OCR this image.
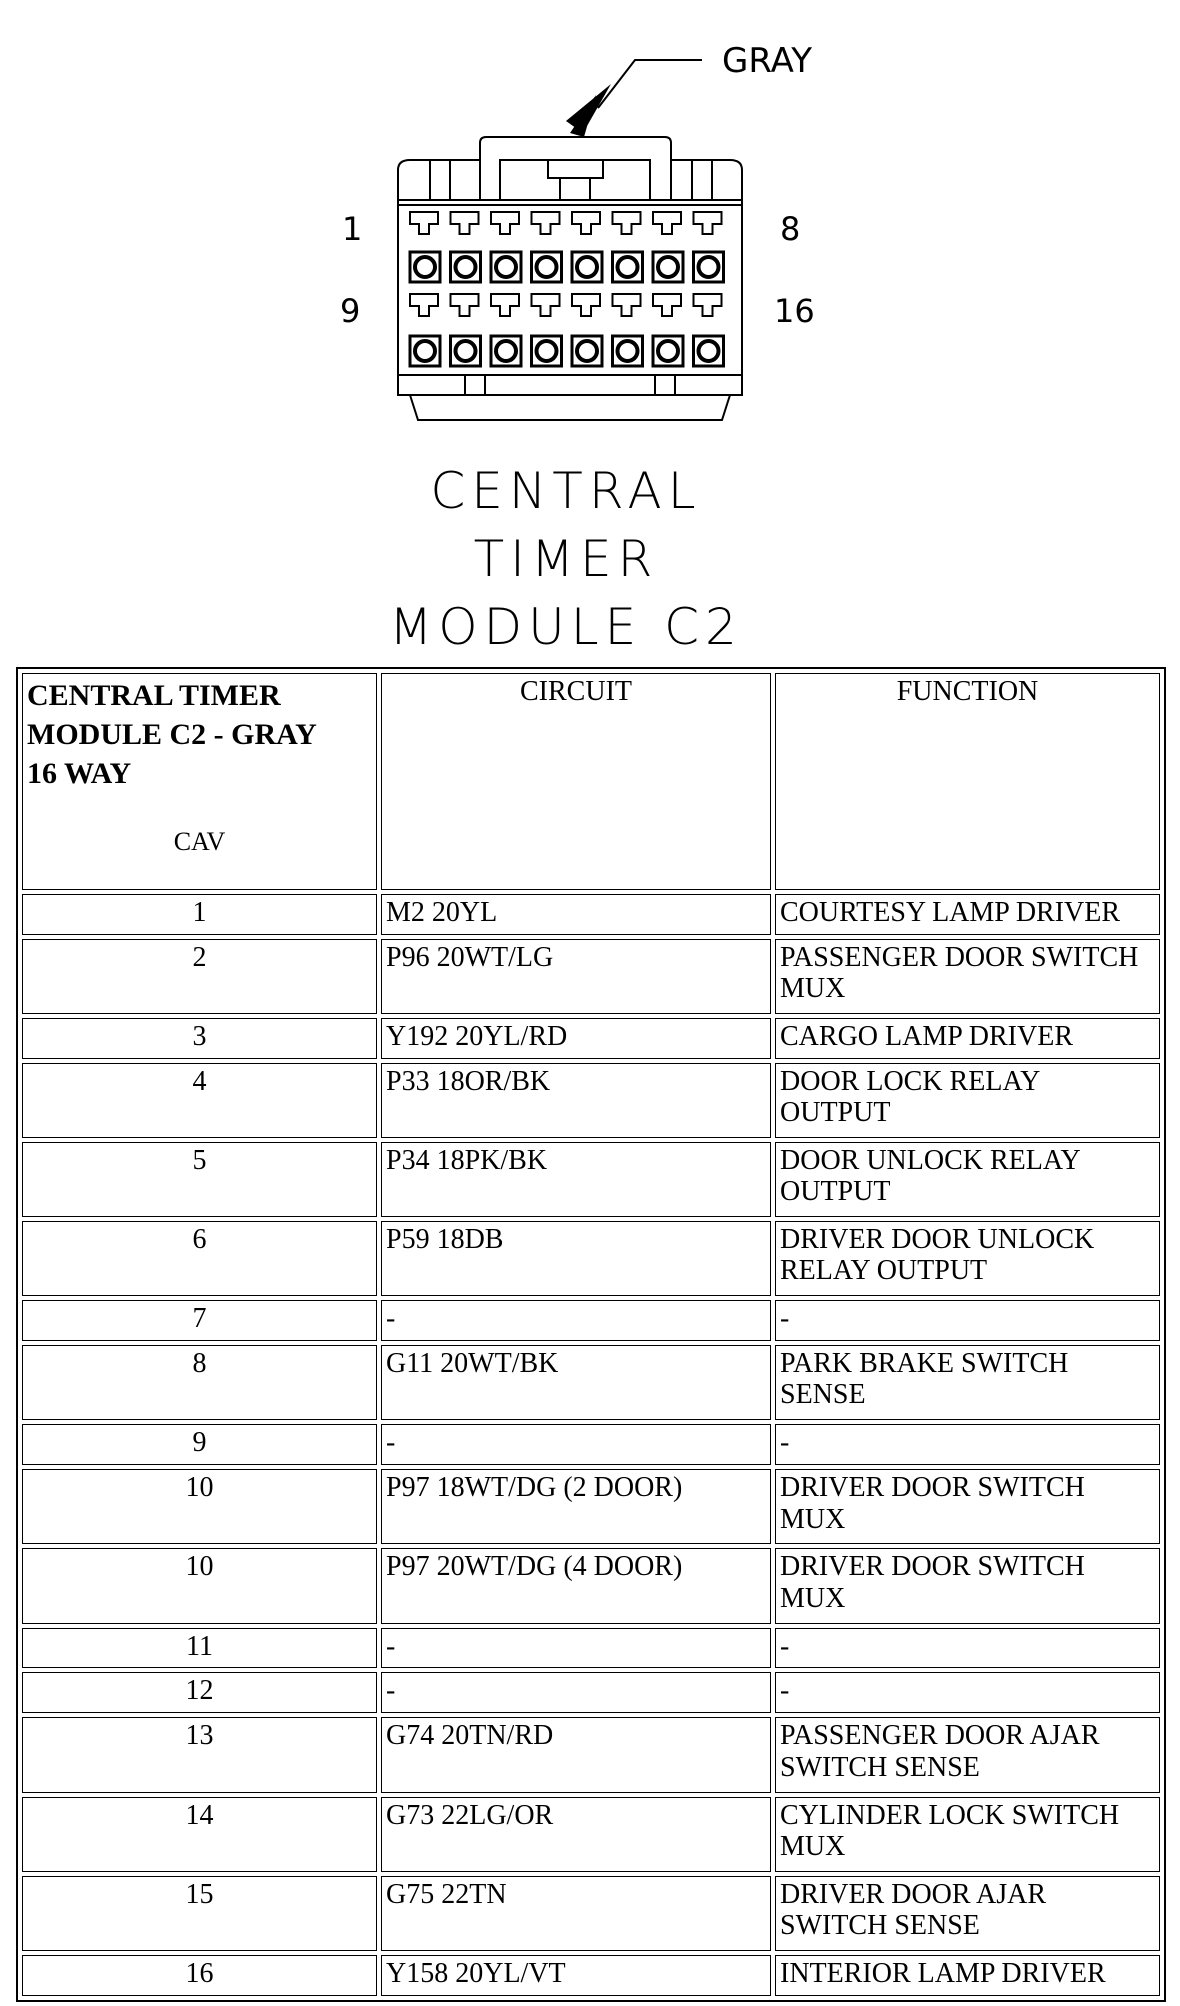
GRAY
1	8
9	16
CENTRAL
TIMER
MODULE C2
CENTRAL TIMER
MODULE C2 - GRAY
16 WAY
CAV	CIRCUIT	FUNCTION
1	M2 20YL	COURTESY LAMP DRIVER
2	P96 20WT/LG	PASSENGER DOOR SWITCH MUX
3	Y192 20YL/RD	CARGO LAMP DRIVER
4	P33 18OR/BK	DOOR LOCK RELAY OUTPUT
5	P34 18PK/BK	DOOR UNLOCK RELAY OUTPUT
6	P59 18DB	DRIVER DOOR UNLOCK RELAY OUTPUT
7	-	-
8	G11 20WT/BK	PARK BRAKE SWITCH SENSE
9	-	-
10	P97 18WT/DG (2 DOOR)	DRIVER DOOR SWITCH MUX
10	P97 20WT/DG (4 DOOR)	DRIVER DOOR SWITCH MUX
11	-	-
12	-	-
13	G74 20TN/RD	PASSENGER DOOR AJAR SWITCH SENSE
14	G73 22LG/OR	CYLINDER LOCK SWITCH MUX
15	G75 22TN	DRIVER DOOR AJAR SWITCH SENSE
16	Y158 20YL/VT	INTERIOR LAMP DRIVER
